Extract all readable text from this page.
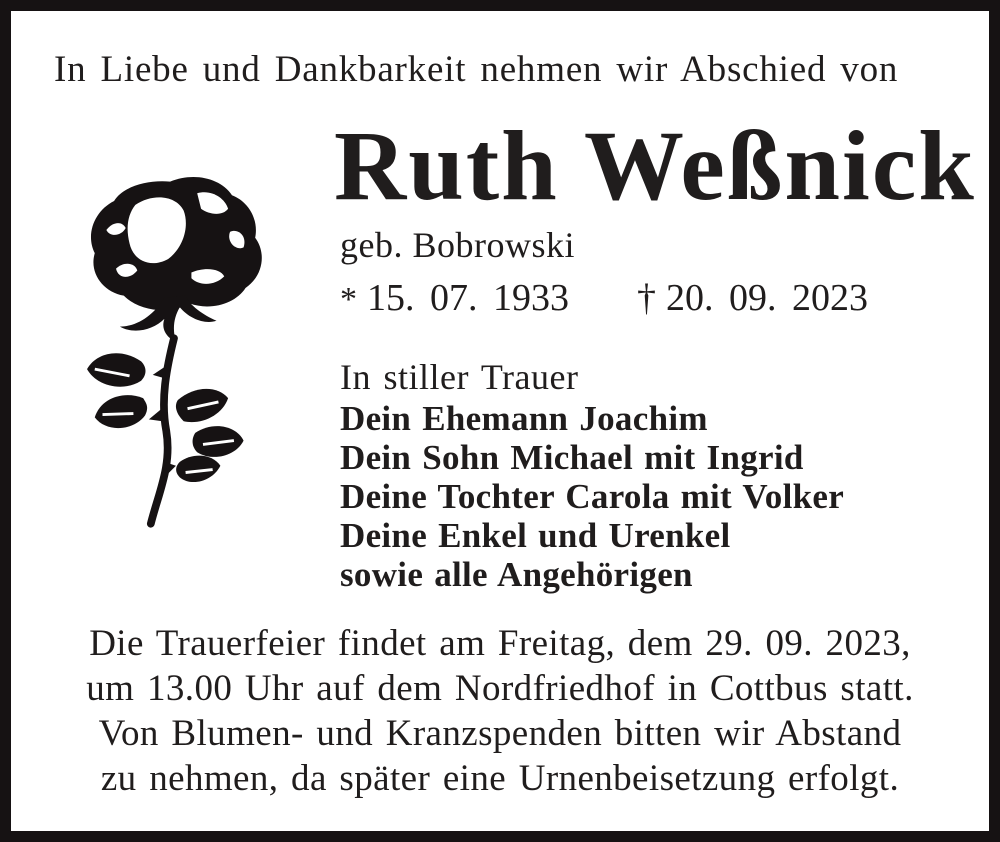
In Liebe und Dankbarkeit nehmen wir Abschied von
Ruth Weßnick
geb. Bobrowski
* 15. 07. 1933 † 20. 09. 2023
In stiller Trauer
Dein Ehemann Joachim
Dein Sohn Michael mit Ingrid
Deine Tochter Carola mit Volker
Deine Enkel und Urenkel
sowie alle Angehörigen
Die Trauerfeier findet am Freitag, dem 29. 09. 2023,
um 13.00 Uhr auf dem Nordfriedhof in Cottbus statt.
Von Blumen- und Kranzspenden bitten wir Abstand
zu nehmen, da später eine Urnenbeisetzung erfolgt.
